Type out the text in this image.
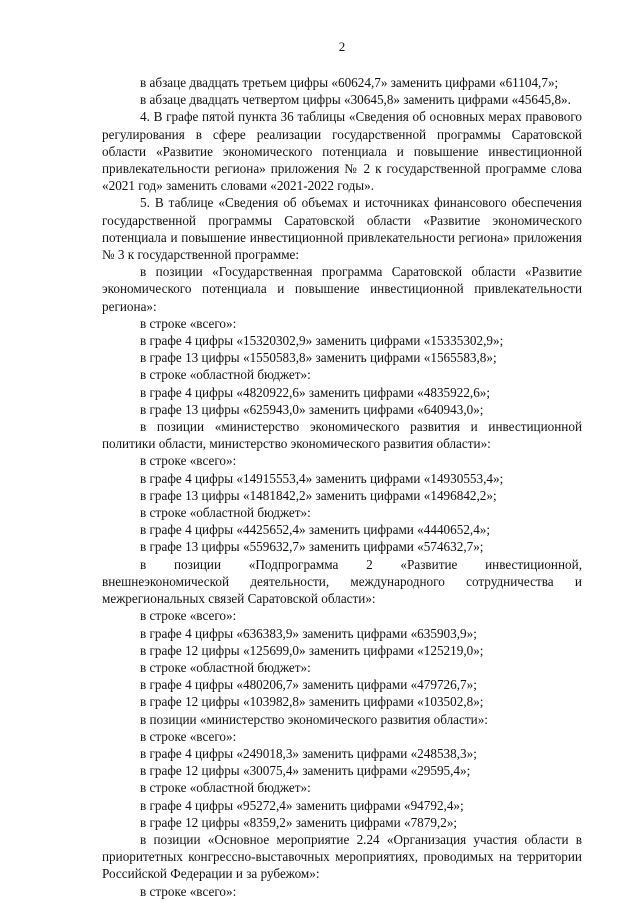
2

в абзаце двадцать третьем цифры «60624,7» заменить цифрами «61104,7»;

в абзаце двадцать четвертом цифры «30645,8» заменить цифрами «45645,8».

4. В графе пятой пункта 36 таблицы «Сведения об основных мерах правового регулирования в сфере реализации государственной программы Саратовской области «Развитие экономического потенциала и повышение инвестиционной привлекательности региона» приложения № 2 к государственной программе слова «2021 год» заменить словами «2021-2022 годы».

5. В таблице «Сведения об объемах и источниках финансового обеспечения государственной программы Саратовской области «Развитие экономического потенциала и повышение инвестиционной привлекательности региона» приложения № 3 к государственной программе:

в позиции «Государственная программа Саратовской области «Развитие экономического потенциала и повышение инвестиционной привлекательности региона»:

в строке «всего»:

в графе 4 цифры «15320302,9» заменить цифрами «15335302,9»;

в графе 13 цифры «1550583,8» заменить цифрами «1565583,8»;

в строке «областной бюджет»:

в графе 4 цифры «4820922,6» заменить цифрами «4835922,6»;

в графе 13 цифры «625943,0» заменить цифрами «640943,0»;

в позиции «министерство экономического развития и инвестиционной политики области, министерство экономического развития области»:

в строке «всего»:

в графе 4 цифры «14915553,4» заменить цифрами «14930553,4»;

в графе 13 цифры «1481842,2» заменить цифрами «1496842,2»;

в строке «областной бюджет»:

в графе 4 цифры «4425652,4» заменить цифрами «4440652,4»;

в графе 13 цифры «559632,7» заменить цифрами «574632,7»;

в позиции «Подпрограмма 2 «Развитие инвестиционной, внешнеэкономической деятельности, международного сотрудничества и межрегиональных связей Саратовской области»:

в строке «всего»:

в графе 4 цифры «636383,9» заменить цифрами «635903,9»;

в графе 12 цифры «125699,0» заменить цифрами «125219,0»;

в строке «областной бюджет»:

в графе 4 цифры «480206,7» заменить цифрами «479726,7»;

в графе 12 цифры «103982,8» заменить цифрами «103502,8»;

в позиции «министерство экономического развития области»:

в строке «всего»:

в графе 4 цифры «249018,3» заменить цифрами «248538,3»;

в графе 12 цифры «30075,4» заменить цифрами «29595,4»;

в строке «областной бюджет»:

в графе 4 цифры «95272,4» заменить цифрами «94792,4»;

в графе 12 цифры «8359,2» заменить цифрами «7879,2»;

в позиции «Основное мероприятие 2.24 «Организация участия области в приоритетных конгрессно-выставочных мероприятиях, проводимых на территории Российской Федерации и за рубежом»:

в строке «всего»:
